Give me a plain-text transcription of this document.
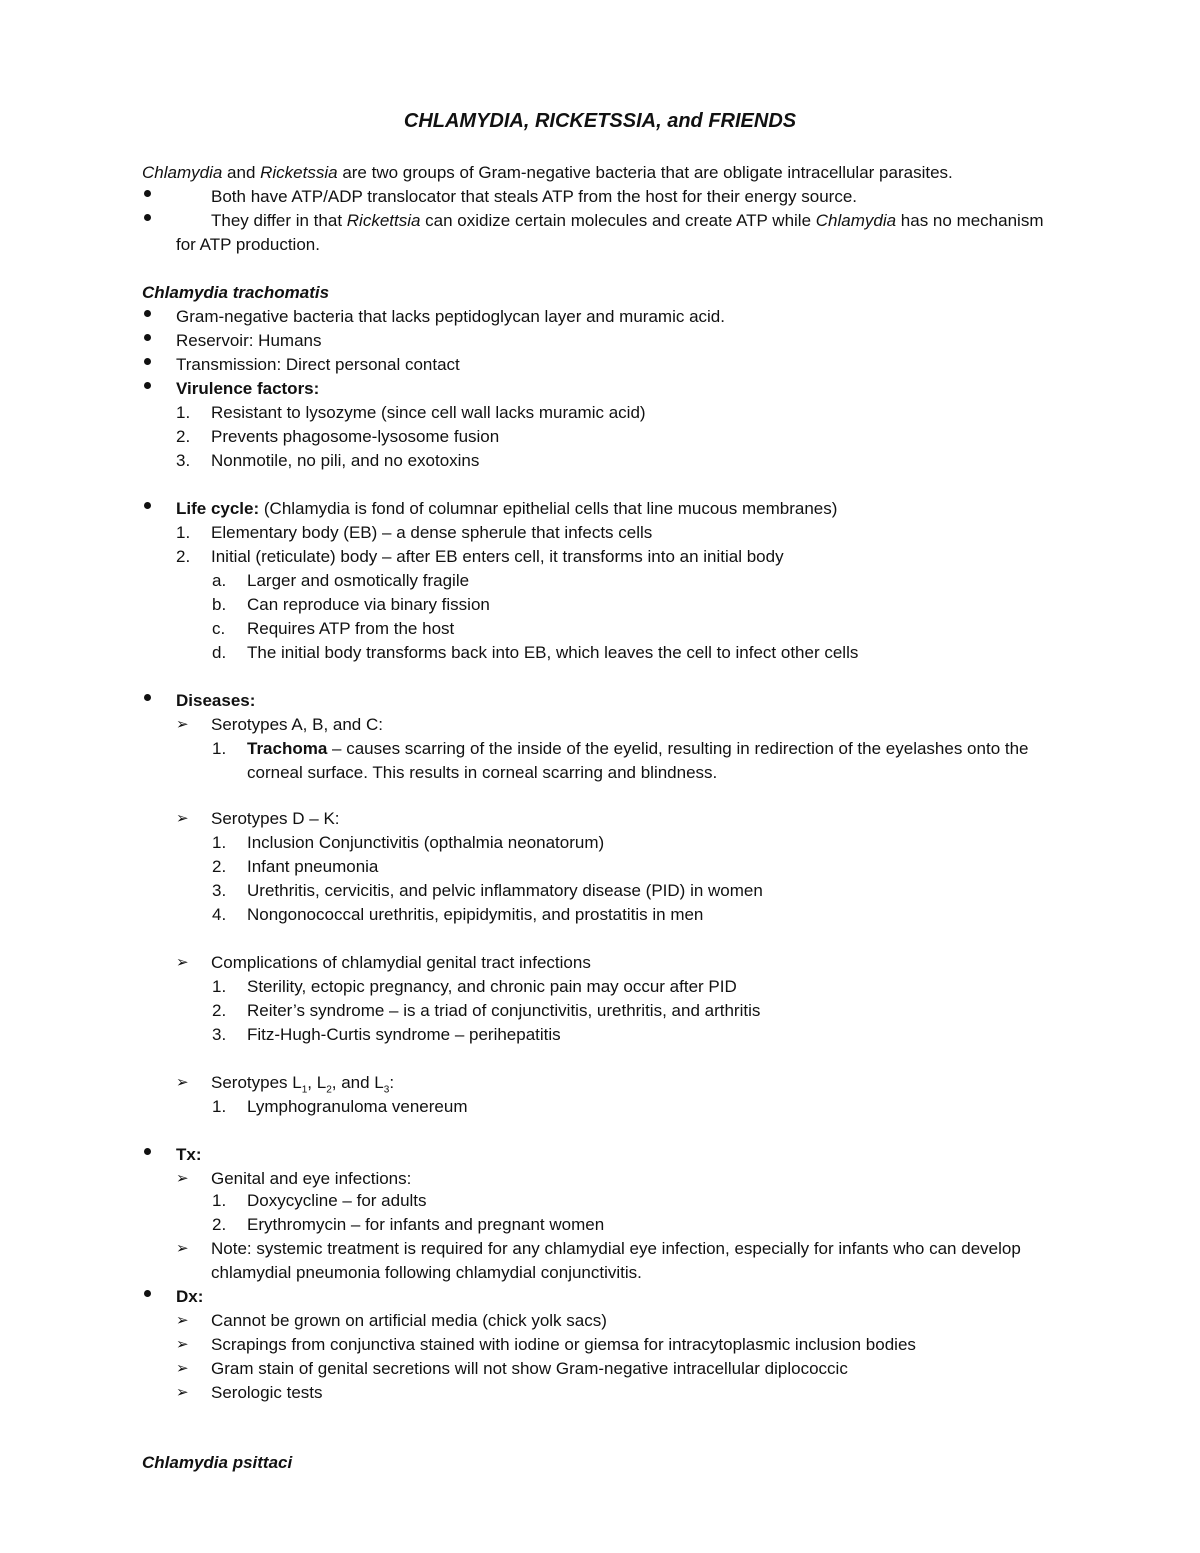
CHLAMYDIA, RICKETSSIA, and FRIENDS
Chlamydia and Ricketssia are two groups of Gram-negative bacteria that are obligate intracellular parasites.
Both have ATP/ADP translocator that steals ATP from the host for their energy source.
They differ in that Rickettsia can oxidize certain molecules and create ATP while Chlamydia has no mechanism
for ATP production.
Chlamydia trachomatis
Gram-negative bacteria that lacks peptidoglycan layer and muramic acid.
Reservoir: Humans
Transmission: Direct personal contact
Virulence factors:
1. Resistant to lysozyme (since cell wall lacks muramic acid)
2. Prevents phagosome-lysosome fusion
3. Nonmotile, no pili, and no exotoxins
Life cycle: (Chlamydia is fond of columnar epithelial cells that line mucous membranes)
1. Elementary body (EB) – a dense spherule that infects cells
2. Initial (reticulate) body – after EB enters cell, it transforms into an initial body
a. Larger and osmotically fragile
b. Can reproduce via binary fission
c. Requires ATP from the host
d. The initial body transforms back into EB, which leaves the cell to infect other cells
Diseases:
➢ Serotypes A, B, and C:
1. Trachoma – causes scarring of the inside of the eyelid, resulting in redirection of the eyelashes onto the
corneal surface. This results in corneal scarring and blindness.
➢ Serotypes D – K:
1. Inclusion Conjunctivitis (opthalmia neonatorum)
2. Infant pneumonia
3. Urethritis, cervicitis, and pelvic inflammatory disease (PID) in women
4. Nongonococcal urethritis, epipidymitis, and prostatitis in men
➢ Complications of chlamydial genital tract infections
1. Sterility, ectopic pregnancy, and chronic pain may occur after PID
2. Reiter’s syndrome – is a triad of conjunctivitis, urethritis, and arthritis
3. Fitz-Hugh-Curtis syndrome – perihepatitis
➢ Serotypes $L_1$, $L_2$, and $L_3$:
1. Lymphogranuloma venereum
Tx:
➢ Genital and eye infections:
1. Doxycycline – for adults
2. Erythromycin – for infants and pregnant women
➢ Note: systemic treatment is required for any chlamydial eye infection, especially for infants who can develop
chlamydial pneumonia following chlamydial conjunctivitis.
Dx:
➢ Cannot be grown on artificial media (chick yolk sacs)
➢ Scrapings from conjunctiva stained with iodine or giemsa for intracytoplasmic inclusion bodies
➢ Gram stain of genital secretions will not show Gram-negative intracellular diplococcic
➢ Serologic tests
Chlamydia psittaci
